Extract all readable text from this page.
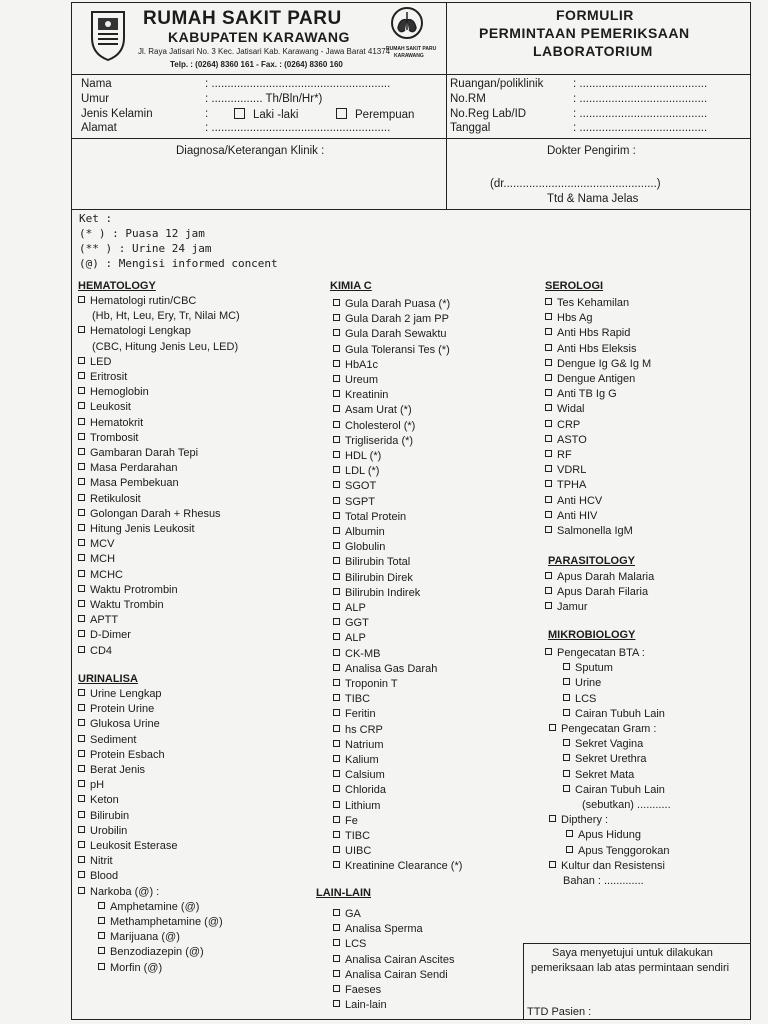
RUMAH SAKIT PARU
KABUPATEN KARAWANG
Jl. Raya Jatisari No. 3 Kec. Jatisari Kab. Karawang - Jawa Barat 41374
Telp. : (0264) 8360 161 - Fax. : (0264) 8360 160
RUMAH SAKIT PARU
KARAWANG
FORMULIR
PERMINTAAN PEMERIKSAAN
LABORATORIUM
Nama	: ........................................................
Umur	: ................ Th/Bln/Hr*)
Jenis Kelamin	:	Laki -laki	Perempuan
Alamat	: ........................................................
Ruangan/poliklinik	: ........................................
No.RM	: ........................................
No.Reg Lab/ID	: ........................................
Tanggal	: ........................................
Diagnosa/Keterangan Klinik :	Dokter Pengirim :
(dr................................................)
Ttd & Nama Jelas
Ket :
(* ) : Puasa 12 jam
(** ) : Urine 24 jam
(@) : Mengisi informed concent
HEMATOLOGY
URINALISA
KIMIA C
LAIN-LAIN
SEROLOGI
PARASITOLOGY
MIKROBIOLOGY
Hematologi rutin/CBC
(Hb, Ht, Leu, Ery, Tr, Nilai MC)
Hematologi Lengkap
(CBC, Hitung Jenis Leu, LED)
LED
Eritrosit
Hemoglobin
Leukosit
Hematokrit
Trombosit
Gambaran Darah Tepi
Masa Perdarahan
Masa Pembekuan
Retikulosit
Golongan Darah + Rhesus
Hitung Jenis Leukosit
MCV
MCH
MCHC
Waktu Protrombin
Waktu Trombin
APTT
D-Dimer
CD4
Urine Lengkap
Protein Urine
Glukosa Urine
Sediment
Protein Esbach
Berat Jenis
pH
Keton
Bilirubin
Urobilin
Leukosit Esterase
Nitrit
Blood
Narkoba (@) :
Amphetamine (@)
Methamphetamine (@)
Marijuana (@)
Benzodiazepin (@)
Morfin (@)
Gula Darah Puasa (*)
Gula Darah 2 jam PP
Gula Darah Sewaktu
Gula Toleransi Tes (*)
HbA1c
Ureum
Kreatinin
Asam Urat (*)
Cholesterol (*)
Trigliserida (*)
HDL (*)
LDL (*)
SGOT
SGPT
Total Protein
Albumin
Globulin
Bilirubin Total
Bilirubin Direk
Bilirubin Indirek
ALP
GGT
ALP
CK-MB
Analisa Gas Darah
Troponin T
TIBC
Feritin
hs CRP
Natrium
Kalium
Calsium
Chlorida
Lithium
Fe
TIBC
UIBC
Kreatinine Clearance (*)
GA
Analisa Sperma
LCS
Analisa Cairan Ascites
Analisa Cairan Sendi
Faeses
Lain-lain
Tes Kehamilan
Hbs Ag
Anti Hbs Rapid
Anti Hbs Eleksis
Dengue Ig G& Ig M
Dengue Antigen
Anti TB Ig G
Widal
CRP
ASTO
RF
VDRL
TPHA
Anti HCV
Anti HIV
Salmonella IgM
Apus Darah Malaria
Apus Darah Filaria
Jamur
Pengecatan BTA :
Sputum
Urine
LCS
Cairan Tubuh Lain
Pengecatan Gram :
Sekret Vagina
Sekret Urethra
Sekret Mata
Cairan Tubuh Lain
(sebutkan) ...........
Dipthery :
Apus Hidung
Apus Tenggorokan
Kultur dan Resistensi
Bahan : .............
Saya menyetujui untuk dilakukan
pemeriksaan lab atas permintaan sendiri
TTD Pasien :
